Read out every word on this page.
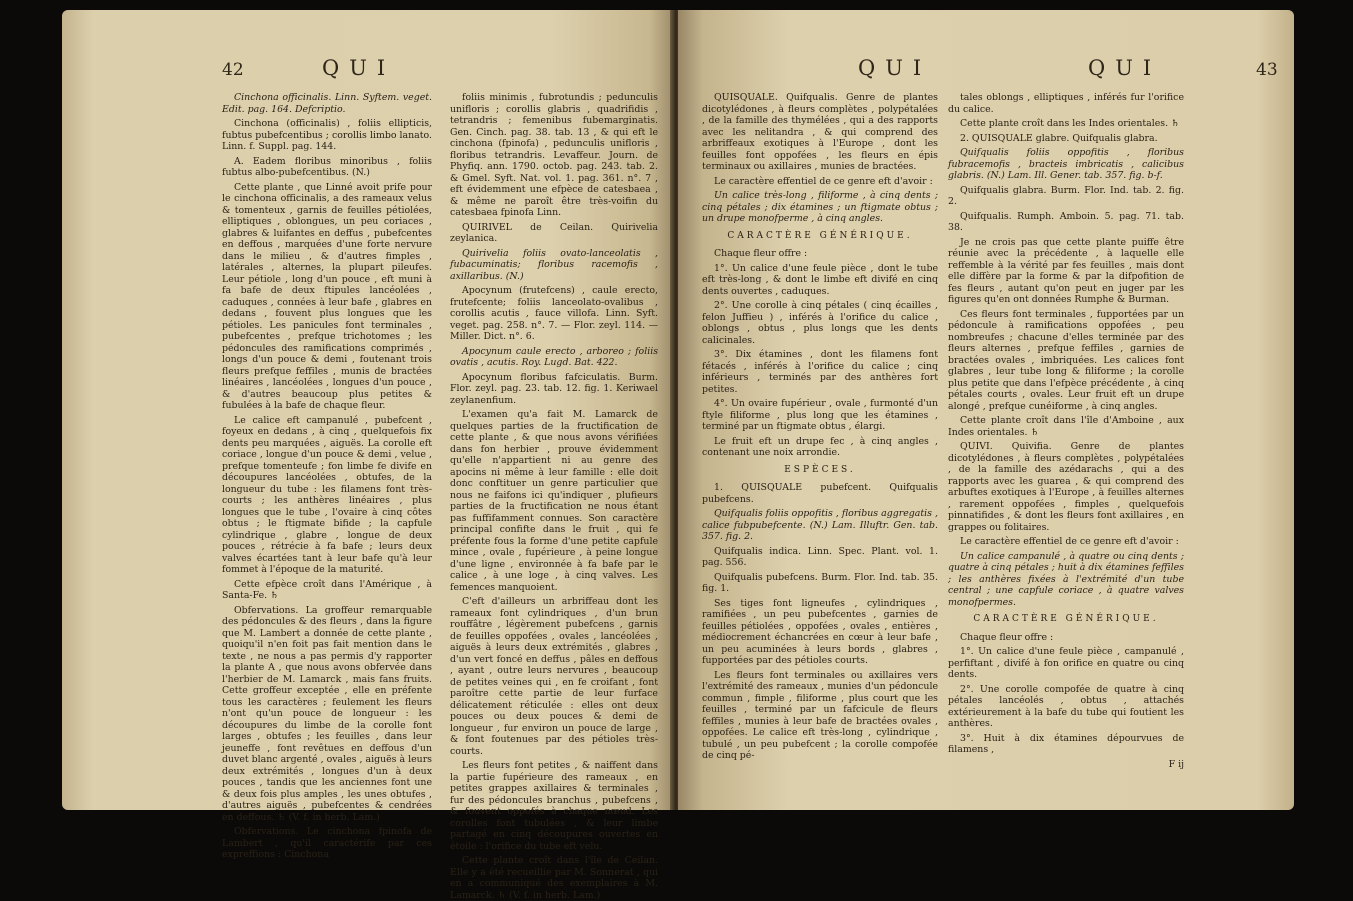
42	QUI

Cinchona officinalis. Linn. Syftem. veget. Edit. pag. 164. Defcriptio.

Cinchona (officinalis) , foliis ellipticis, fubtus pubefcentibus ; corollis limbo lanato. Linn. f. Suppl. pag. 144.

A. Eadem floribus minoribus , foliis fubtus albo-pubefcentibus. (N.)

Cette plante , que Linné avoit prife pour le cinchona officinalis, a des rameaux velus & tomenteux , garnis de feuilles pétiolées, elliptiques , oblongues, un peu coriaces , glabres & luifantes en deffus , pubefcentes en deffous , marquées d'une forte nervure dans le milieu , & d'autres fimples , latérales , alternes, la plupart pileufes. Leur pétiole , long d'un pouce , eft muni à fa bafe de deux ftipules lancéolées , caduques , connées à leur bafe , glabres en dedans , fouvent plus longues que les pétioles. Les panicules font terminales , pubefcentes , prefque trichotomes ; les pédoncules des ramifications comprimés , longs d'un pouce & demi , foutenant trois fleurs prefque feffiles , munis de bractées linéaires , lancéolées , longues d'un pouce , & d'autres beaucoup plus petites & fubulées à la bafe de chaque fleur.

Le calice eft campanulé , pubefcent , foyeux en dedans , à cinq , quelquefois fix dents peu marquées , aiguës. La corolle eft coriace , longue d'un pouce & demi , velue , prefque tomenteufe ; fon limbe fe divife en découpures lancéolées , obtufes, de la longueur du tube : les filamens font très-courts ; les anthères linéaires , plus longues que le tube , l'ovaire à cinq côtes obtus ; le ftigmate bifide ; la capfule cylindrique , glabre , longue de deux pouces , rétrécie à fa bafe ; leurs deux valves écartées tant à leur bafe qu'à leur fommet à l'époque de la maturité.

Cette efpèce croît dans l'Amérique , à Santa-Fe. ♄

Obfervations. La groffeur remarquable des pédoncules & des fleurs , dans la figure que M. Lambert a donnée de cette plante , quoiqu'il n'en foit pas fait mention dans le texte , ne nous a pas permis d'y rapporter la plante A , que nous avons obfervée dans l'herbier de M. Lamarck , mais fans fruits. Cette groffeur exceptée , elle en préfente tous les caractères ; feulement les fleurs n'ont qu'un pouce de longueur : les découpures du limbe de la corolle font larges , obtufes ; les feuilles , dans leur jeuneffe , font revêtues en deffous d'un duvet blanc argenté , ovales , aiguës à leurs deux extrémités , longues d'un à deux pouces , tandis que les anciennes font une & deux fois plus amples , les unes obtufes , d'autres aiguës , pubefcentes & cendrées en deffous. ♄ (V. f. in herb. Lam.)

Obfervations. Le cinchona fpinofa de Lambert , qu'il caractérife par ces expreffions : Cinchona

foliis minimis , fubrotundis ; pedunculis unifloris ; corollis glabris , quadrifidis , tetrandris ; femenibus fubemarginatis. Gen. Cinch. pag. 38. tab. 13 , & qui eft le cinchona (fpinofa) , pedunculis unifloris , floribus tetrandris. Levaffeur. Journ. de Phyfiq. ann. 1790. octob. pag. 243. tab. 2. & Gmel. Syft. Nat. vol. 1. pag. 361. n°. 7 , eft évidemment une efpèce de catesbaea , & même ne paroît être très-voifin du catesbaea fpinofa Linn.

QUIRIVEL de Ceilan. Quirivelia zeylanica.

Quirivelia foliis ovato-lanceolatis , fubacuminatis; floribus racemofis , axillaribus. (N.)

Apocynum (frutefcens) , caule erecto, frutefcente; foliis lanceolato-ovalibus , corollis acutis , fauce villofa. Linn. Syft. veget. pag. 258. n°. 7. — Flor. zeyl. 114. — Miller. Dict. n°. 6.

Apocynum caule erecto , arboreo ; foliis ovatis , acutis. Roy. Lugd. Bat. 422.

Apocynum floribus fafciculatis. Burm. Flor. zeyl. pag. 23. tab. 12. fig. 1. Keriwael zeylanenfium.

L'examen qu'a fait M. Lamarck de quelques parties de la fructification de cette plante , & que nous avons vérifiées dans fon herbier , prouve évidemment qu'elle n'appartient ni au genre des apocins ni même à leur famille : elle doit donc conftituer un genre particulier que nous ne faifons ici qu'indiquer , plufieurs parties de la fructification ne nous étant pas fuffifamment connues. Son caractère principal confifte dans le fruit , qui fe préfente fous la forme d'une petite capfule mince , ovale , fupérieure , à peine longue d'une ligne , environnée à fa bafe par le calice , à une loge , à cinq valves. Les femences manquoient.

C'eft d'ailleurs un arbriffeau dont les rameaux font cylindriques , d'un brun rouffâtre , légèrement pubefcens , garnis de feuilles oppofées , ovales , lancéolées , aiguës à leurs deux extrémités , glabres , d'un vert foncé en deffus , pâles en deffous , ayant , outre leurs nervures , beaucoup de petites veines qui , en fe croifant , font paroître cette partie de leur furface délicatement réticulée : elles ont deux pouces ou deux pouces & demi de longueur , fur environ un pouce de large , & font foutenues par des pétioles très-courts.

Les fleurs font petites , & naiffent dans la partie fupérieure des rameaux , en petites grappes axillaires & terminales , fur des pédoncules branchus , pubefcens , & fouvent oppofés à chaque nœud. Les corolles font tubulées , & leur limbe partagé en cinq découpures ouvertes en étoile : l'orifice du tube eft velu.

Cette plante croît dans l'île de Ceilan. Elle y a été recueillie par M. Sonnerat , qui en a communiqué des exemplaires à M. Lamarck. ♄ (V. f. in herb. Lam.)

QUI	QUI	43

QUISQUALE. Quifqualis. Genre de plantes dicotylédones , à fleurs complètes , polypétalées , de la famille des thymélées , qui a des rapports avec les nelitandra , & qui comprend des arbriffeaux exotiques à l'Europe , dont les feuilles font oppofées , les fleurs en épis terminaux ou axillaires , munies de bractées.

Le caractère effentiel de ce genre eft d'avoir :

Un calice très-long , filiforme , à cinq dents ; cinq pétales ; dix étamines ; un ftigmate obtus ; un drupe monofperme , à cinq angles.

CARACTÈRE GÉNÉRIQUE.

Chaque fleur offre :

1°. Un calice d'une feule pièce , dont le tube eft très-long , & dont le limbe eft divifé en cinq dents ouvertes , caduques.

2°. Une corolle à cinq pétales ( cinq écailles , felon Juffieu ) , inférés à l'orifice du calice , oblongs , obtus , plus longs que les dents calicinales.

3°. Dix étamines , dont les filamens font fétacés , inférés à l'orifice du calice ; cinq inférieurs , terminés par des anthères fort petites.

4°. Un ovaire fupérieur , ovale , furmonté d'un ftyle filiforme , plus long que les étamines , terminé par un ftigmate obtus , élargi.

Le fruit eft un drupe fec , à cinq angles , contenant une noix arrondie.

ESPÈCES.

1. QUISQUALE pubefcent. Quifqualis pubefcens.

Quifqualis foliis oppofitis , floribus aggregatis , calice fubpubefcente. (N.) Lam. Illuftr. Gen. tab. 357. fig. 2.

Quifqualis indica. Linn. Spec. Plant. vol. 1. pag. 556.

Quifqualis pubefcens. Burm. Flor. Ind. tab. 35. fig. 1.

Ses tiges font ligneufes , cylindriques , ramifiées , un peu pubefcentes , garnies de feuilles pétiolées , oppofées , ovales , entières , médiocrement échancrées en cœur à leur bafe , un peu acuminées à leurs bords , glabres , fupportées par des pétioles courts.

Les fleurs font terminales ou axillaires vers l'extrémité des rameaux , munies d'un pédoncule commun , fimple , filiforme , plus court que les feuilles , terminé par un fafcicule de fleurs feffiles , munies à leur bafe de bractées ovales , oppofées. Le calice eft très-long , cylindrique , tubulé , un peu pubefcent ; la corolle compofée de cinq pé-

tales oblongs , elliptiques , inférés fur l'orifice du calice.

Cette plante croît dans les Indes orientales. ♄

2. QUISQUALE glabre. Quifqualis glabra.

Quifqualis foliis oppofitis , floribus fubracemofis , bracteis imbricatis , calicibus glabris. (N.) Lam. Ill. Gener. tab. 357. fig. b-f.

Quifqualis glabra. Burm. Flor. Ind. tab. 2. fig. 2.

Quifqualis. Rumph. Amboin. 5. pag. 71. tab. 38.

Je ne crois pas que cette plante puiffe être réunie avec la précédente , à laquelle elle reffemble à la vérité par fes feuilles , mais dont elle diffère par la forme & par la difpofition de fes fleurs , autant qu'on peut en juger par les figures qu'en ont données Rumphe & Burman.

Ces fleurs font terminales , fupportées par un pédoncule à ramifications oppofées , peu nombreufes ; chacune d'elles terminée par des fleurs alternes , prefque feffiles , garnies de bractées ovales , imbriquées. Les calices font glabres , leur tube long & filiforme ; la corolle plus petite que dans l'efpèce précédente , à cinq pétales courts , ovales. Leur fruit eft un drupe alongé , prefque cunéiforme , à cinq angles.

Cette plante croît dans l'île d'Amboine , aux Indes orientales. ♄

QUIVI. Quivifia. Genre de plantes dicotylédones , à fleurs complètes , polypétalées , de la famille des azédarachs , qui a des rapports avec les guarea , & qui comprend des arbuftes exotiques à l'Europe , à feuilles alternes , rarement oppofées , fimples , quelquefois pinnatifides , & dont les fleurs font axillaires , en grappes ou folitaires.

Le caractère effentiel de ce genre eft d'avoir :

Un calice campanulé , à quatre ou cinq dents ; quatre à cinq pétales ; huit à dix étamines feffiles ; les anthères fixées à l'extrémité d'un tube central ; une capfule coriace , à quatre valves monofpermes.

CARACTÈRE GÉNÉRIQUE.

Chaque fleur offre :

1°. Un calice d'une feule pièce , campanulé , perfiftant , divifé à fon orifice en quatre ou cinq dents.

2°. Une corolle compofée de quatre à cinq pétales lancéolés , obtus , attachés extérieurement à la bafe du tube qui foutient les anthères.

3°. Huit à dix étamines dépourvues de filamens ,

F ij
